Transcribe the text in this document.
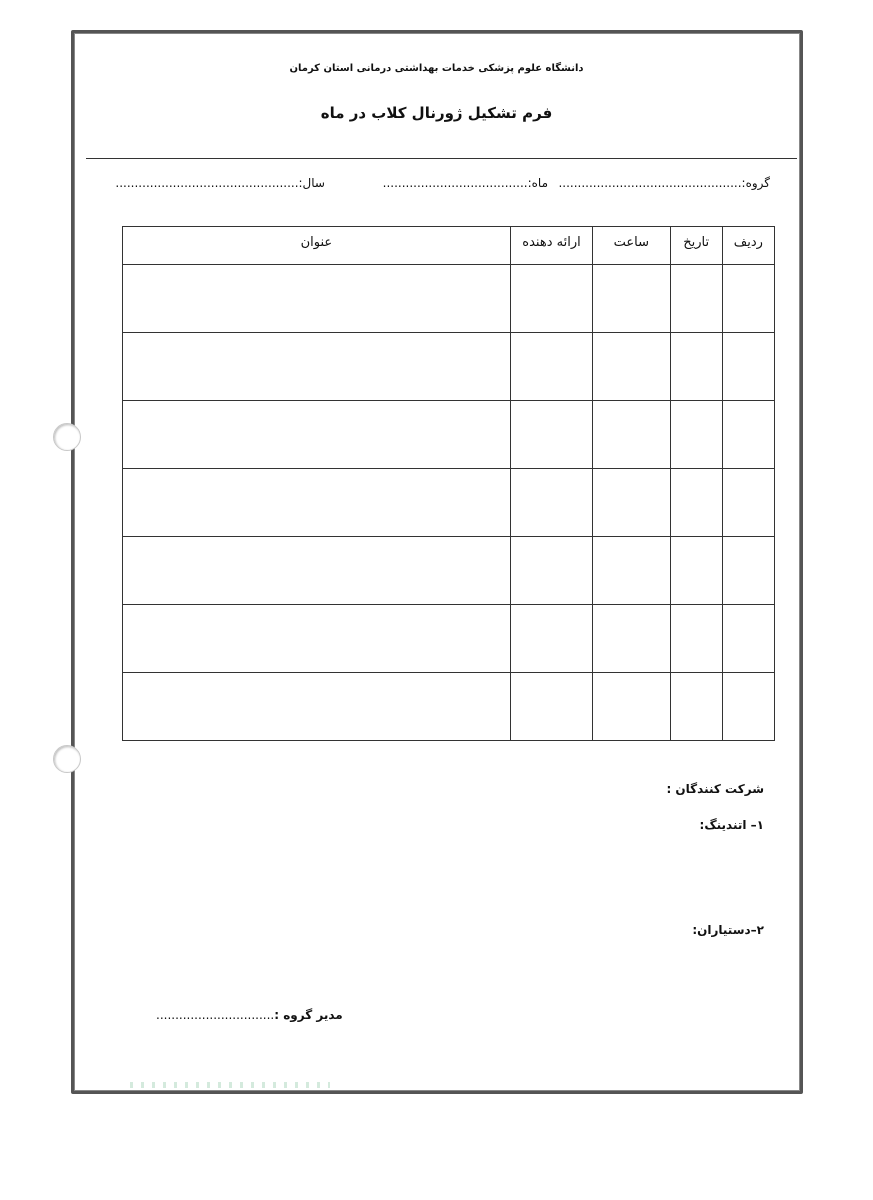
دانشگاه علوم پزشکی خدمات بهداشتی درمانی استان کرمان
فرم تشکیل ژورنال کلاب در ماه
گروه:................................................
ماه:......................................
سال:................................................
ردیف	تاریخ	ساعت	ارائه دهنده	عنوان

شرکت کنندگان :
۱– اتندینگ:
۲–دستیاران:
مدیر گروه :...............................
